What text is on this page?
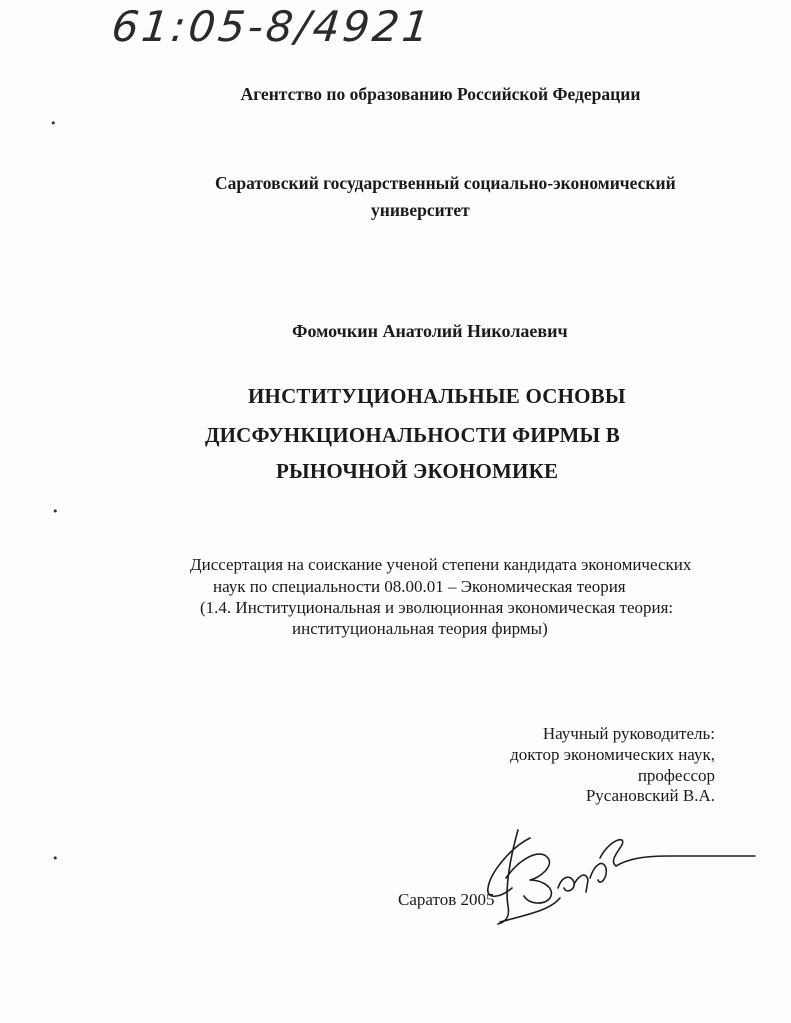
61:05-8/4921
Агентство по образованию Российской Федерации
Саратовский государственный социально-экономический
университет
Фомочкин Анатолий Николаевич
ИНСТИТУЦИОНАЛЬНЫЕ ОСНОВЫ
ДИСФУНКЦИОНАЛЬНОСТИ ФИРМЫ В
РЫНОЧНОЙ ЭКОНОМИКЕ
Диссертация на соискание ученой степени кандидата экономических
наук по специальности 08.00.01 – Экономическая теория
(1.4. Институциональная и эволюционная экономическая теория:
институциональная теория фирмы)
Научный руководитель:
доктор экономических наук,
профессор
Русановский В.А.
Саратов 2005
•
•
•
